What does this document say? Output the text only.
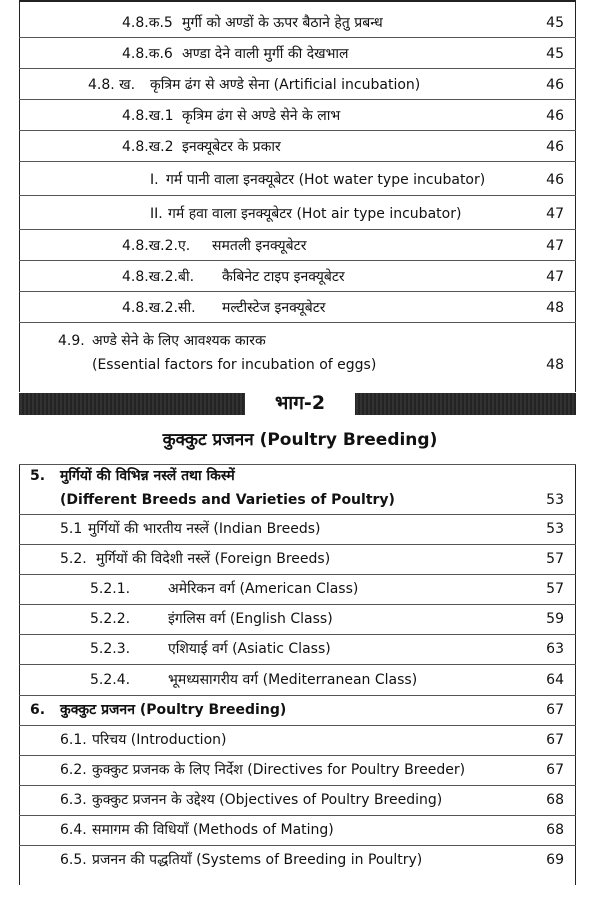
4.8.क.5 मुर्गी को अण्डों के ऊपर बैठाने हेतु प्रबन्ध	45
4.8.क.6 अण्डा देने वाली मुर्गी की देखभाल	45
4.8. ख. कृत्रिम ढंग से अण्डे सेना (Artificial incubation)	46
4.8.ख.1 कृत्रिम ढंग से अण्डे सेने के लाभ	46
4.8.ख.2 इनक्यूबेटर के प्रकार	46
I. गर्म पानी वाला इनक्यूबेटर (Hot water type incubator)	46
II. गर्म हवा वाला इनक्यूबेटर (Hot air type incubator)	47
4.8.ख.2.ए. समतली इनक्यूबेटर	47
4.8.ख.2.बी. कैबिनेट टाइप इनक्यूबेटर	47
4.8.ख.2.सी. मल्टीस्टेज इनक्यूबेटर	48
4.9. अण्डे सेने के लिए आवश्यक कारक
(Essential factors for incubation of eggs)	48
भाग-2
कुक्कुट प्रजनन (Poultry Breeding)
5. मुर्गियों की विभिन्न नस्लें तथा किस्में
(Different Breeds and Varieties of Poultry)	53
5.1 मुर्गियों की भारतीय नस्लें (Indian Breeds)	53
5.2. मुर्गियों की विदेशी नस्लें (Foreign Breeds)	57
5.2.1.	अमेरिकन वर्ग (American Class)	57
5.2.2.	इंगलिस वर्ग (English Class)	59
5.2.3.	एशियाई वर्ग (Asiatic Class)	63
5.2.4.	भूमध्यसागरीय वर्ग (Mediterranean Class)	64
6. कुक्कुट प्रजनन (Poultry Breeding)	67
6.1. परिचय (Introduction)	67
6.2. कुक्कुट प्रजनक के लिए निर्देश (Directives for Poultry Breeder)	67
6.3. कुक्कुट प्रजनन के उद्देश्य (Objectives of Poultry Breeding)	68
6.4. समागम की विधियाँ (Methods of Mating)	68
6.5. प्रजनन की पद्धतियाँ (Systems of Breeding in Poultry)	69
